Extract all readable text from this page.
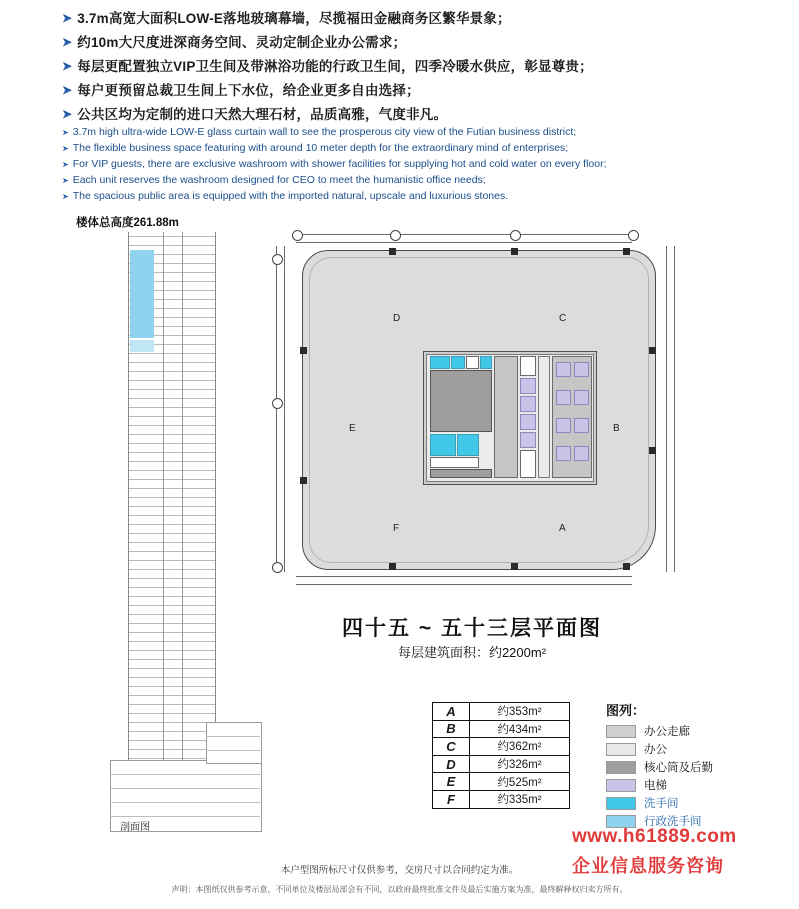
➤ 3.7m高宽大面积LOW-E落地玻璃幕墙，尽揽福田金融商务区繁华景象；
➤ 约10m大尺度进深商务空间、灵动定制企业办公需求；
➤ 每层更配置独立VIP卫生间及带淋浴功能的行政卫生间，四季冷暖水供应，彰显尊贵；
➤ 每户更预留总裁卫生间上下水位，给企业更多自由选择；
➤ 公共区均为定制的进口天然大理石材，品质高雅，气度非凡。
➤ 3.7m high ultra-wide LOW-E glass curtain wall to see the prosperous city view of the Futian business district;
➤ The flexible business space featuring with around 10 meter depth for the extraordinary mind of enterprises;
➤ For VIP guests, there are exclusive washroom with shower facilities for supplying hot and cold water on every floor;
➤ Each unit reserves the washroom designed for CEO to meet the humanistic office needs;
➤ The spacious public area is equipped with the imported natural, upscale and luxurious stones.
楼体总高度261.88m
剖面图
D	C
E	B
F	A
四十五 ~ 五十三层平面图
每层建筑面积：约2200m²
A	约353m²
B	约434m²
C	约362m²
D	约326m²
E	约525m²
F	约335m²
图列：
办公走廊
办公
核心筒及后勤
电梯
洗手间
行政洗手间
www.h61889.com
企业信息服务咨询
本户型图所标尺寸仅供参考，交房尺寸以合同约定为准。
声明：本图纸仅供参考示意，不同单位及楼层局部会有不同，以政府最终批准文件及最后实施方案为准，最终解释权归卖方所有。
